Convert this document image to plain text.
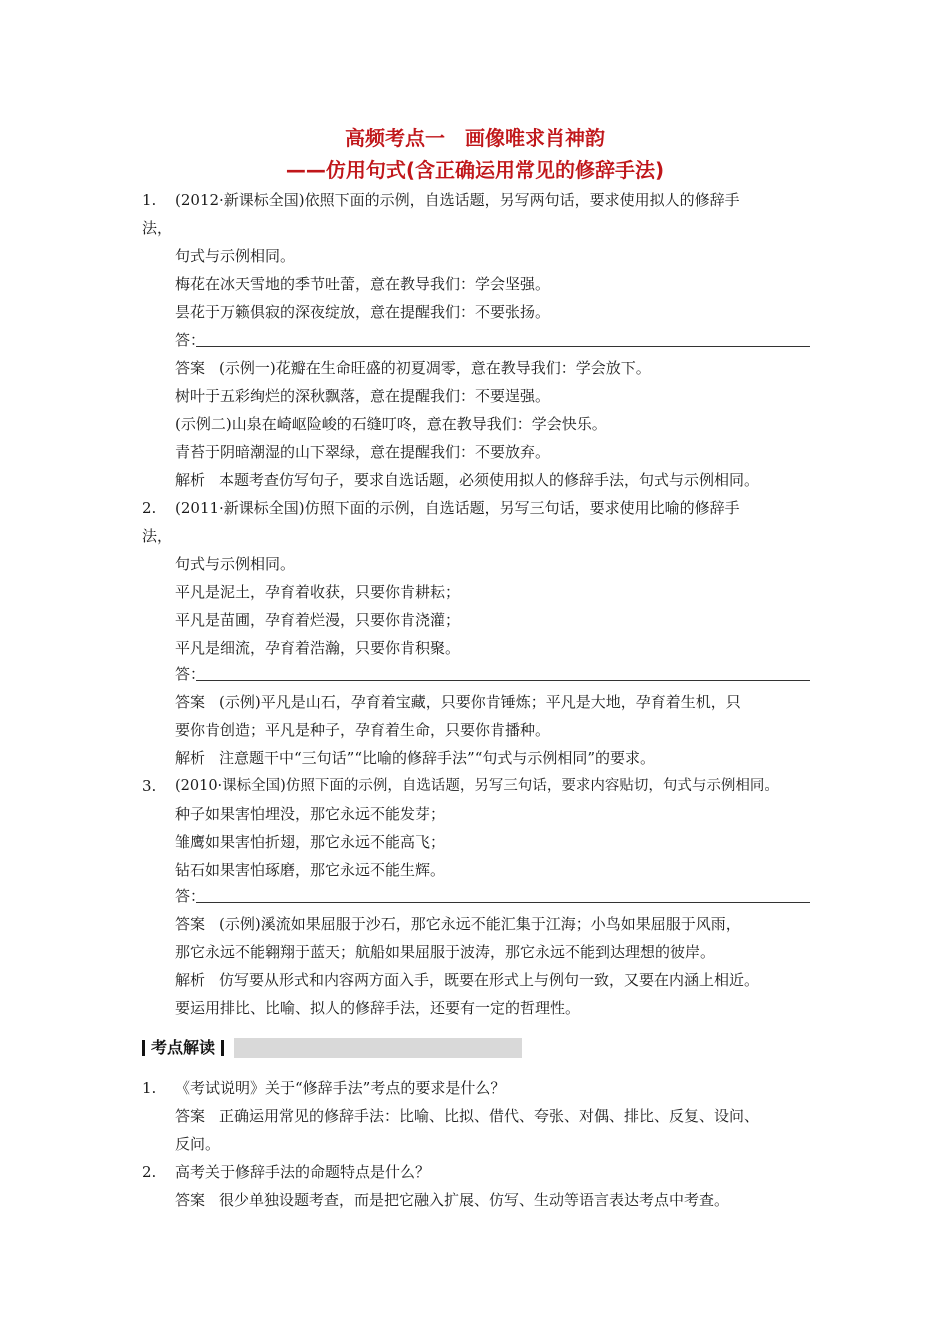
高频考点一　画像唯求肖神韵
——仿用句式(含正确运用常见的修辞手法)
1. (2012·新课标全国)依照下面的示例，自选话题，另写两句话，要求使用拟人的修辞手
法，
句式与示例相同。
梅花在冰天雪地的季节吐蕾，意在教导我们：学会坚强。
昙花于万籁俱寂的深夜绽放，意在提醒我们：不要张扬。
答：
答案 (示例一)花瓣在生命旺盛的初夏凋零，意在教导我们：学会放下。
树叶于五彩绚烂的深秋飘落，意在提醒我们：不要逞强。
(示例二)山泉在崎岖险峻的石缝叮咚，意在教导我们：学会快乐。
青苔于阴暗潮湿的山下翠绿，意在提醒我们：不要放弃。
解析 本题考查仿写句子，要求自选话题，必须使用拟人的修辞手法，句式与示例相同。
2. (2011·新课标全国)仿照下面的示例，自选话题，另写三句话，要求使用比喻的修辞手
法，
句式与示例相同。
平凡是泥土，孕育着收获，只要你肯耕耘；
平凡是苗圃，孕育着烂漫，只要你肯浇灌；
平凡是细流，孕育着浩瀚，只要你肯积聚。
答：
答案 (示例)平凡是山石，孕育着宝藏，只要你肯锤炼；平凡是大地，孕育着生机，只
要你肯创造；平凡是种子，孕育着生命，只要你肯播种。
解析 注意题干中“三句话”“比喻的修辞手法”“句式与示例相同”的要求。
3. (2010·课标全国)仿照下面的示例，自选话题，另写三句话，要求内容贴切，句式与示例相同。
种子如果害怕埋没，那它永远不能发芽；
雏鹰如果害怕折翅，那它永远不能高飞；
钻石如果害怕琢磨，那它永远不能生辉。
答：
答案 (示例)溪流如果屈服于沙石，那它永远不能汇集于江海；小鸟如果屈服于风雨，
那它永远不能翱翔于蓝天；航船如果屈服于波涛，那它永远不能到达理想的彼岸。
解析 仿写要从形式和内容两方面入手，既要在形式上与例句一致，又要在内涵上相近。
要运用排比、比喻、拟人的修辞手法，还要有一定的哲理性。
考点解读
1. 《考试说明》关于“修辞手法”考点的要求是什么？
答案 正确运用常见的修辞手法：比喻、比拟、借代、夸张、对偶、排比、反复、设问、
反问。
2. 高考关于修辞手法的命题特点是什么？
答案 很少单独设题考查，而是把它融入扩展、仿写、生动等语言表达考点中考查。
